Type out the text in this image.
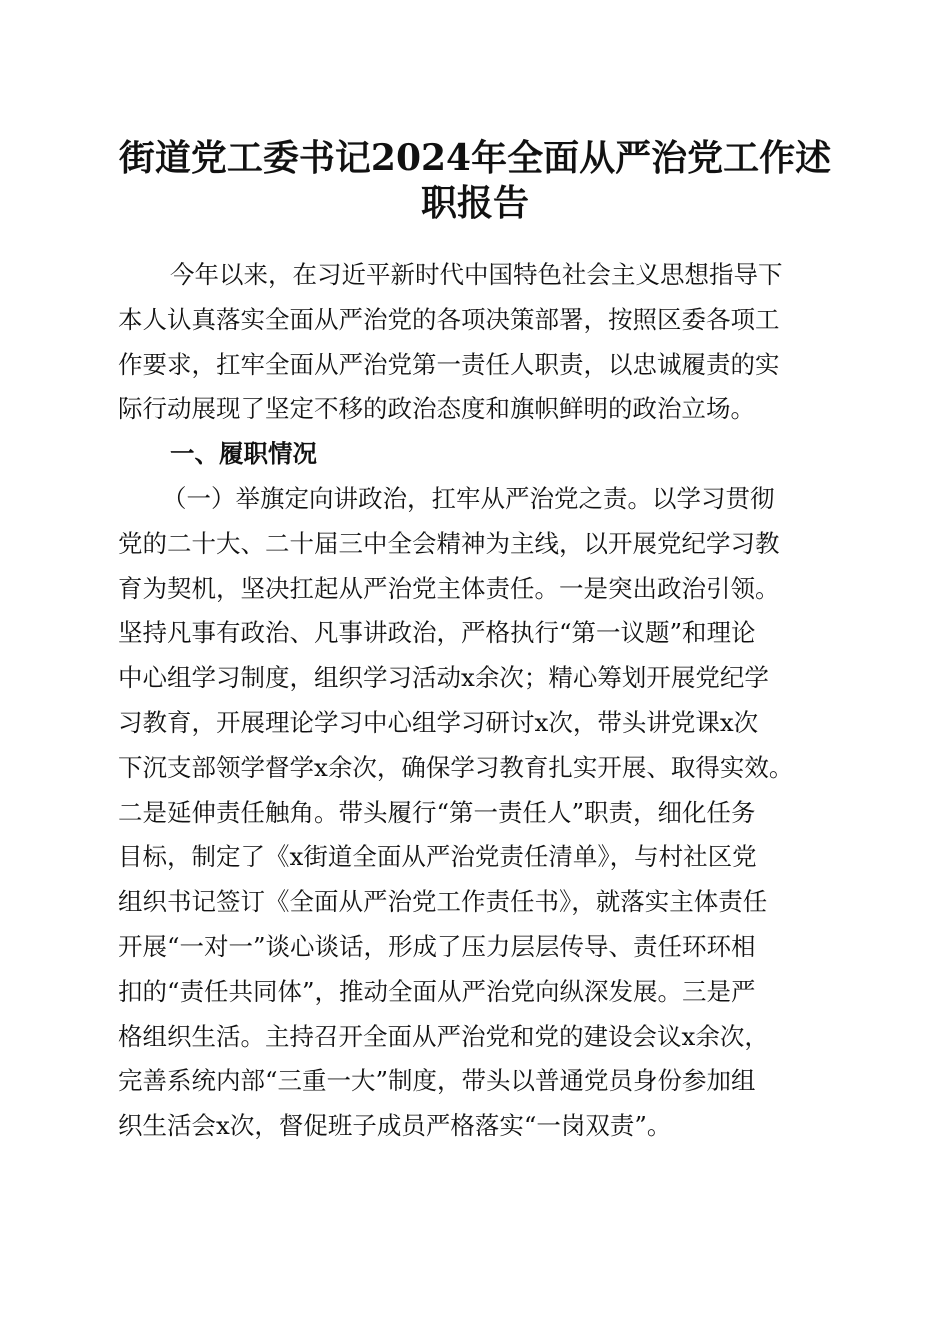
街道党工委书记2024年全面从严治党工作述
职报告
今年以来，在习近平新时代中国特色社会主义思想指导下
本人认真落实全面从严治党的各项决策部署，按照区委各项工
作要求，扛牢全面从严治党第一责任人职责，以忠诚履责的实
际行动展现了坚定不移的政治态度和旗帜鲜明的政治立场。
一、履职情况
（一）举旗定向讲政治，扛牢从严治党之责。以学习贯彻
党的二十大、二十届三中全会精神为主线，以开展党纪学习教
育为契机，坚决扛起从严治党主体责任。一是突出政治引领。
坚持凡事有政治、凡事讲政治，严格执行“第一议题”和理论
中心组学习制度，组织学习活动x余次；精心筹划开展党纪学
习教育，开展理论学习中心组学习研讨x次，带头讲党课x次
下沉支部领学督学x余次，确保学习教育扎实开展、取得实效。
二是延伸责任触角。带头履行“第一责任人”职责，细化任务
目标，制定了《x街道全面从严治党责任清单》，与村社区党
组织书记签订《全面从严治党工作责任书》，就落实主体责任
开展“一对一”谈心谈话，形成了压力层层传导、责任环环相
扣的“责任共同体”，推动全面从严治党向纵深发展。三是严
格组织生活。主持召开全面从严治党和党的建设会议x余次，
完善系统内部“三重一大”制度，带头以普通党员身份参加组
织生活会x次，督促班子成员严格落实“一岗双责”。
